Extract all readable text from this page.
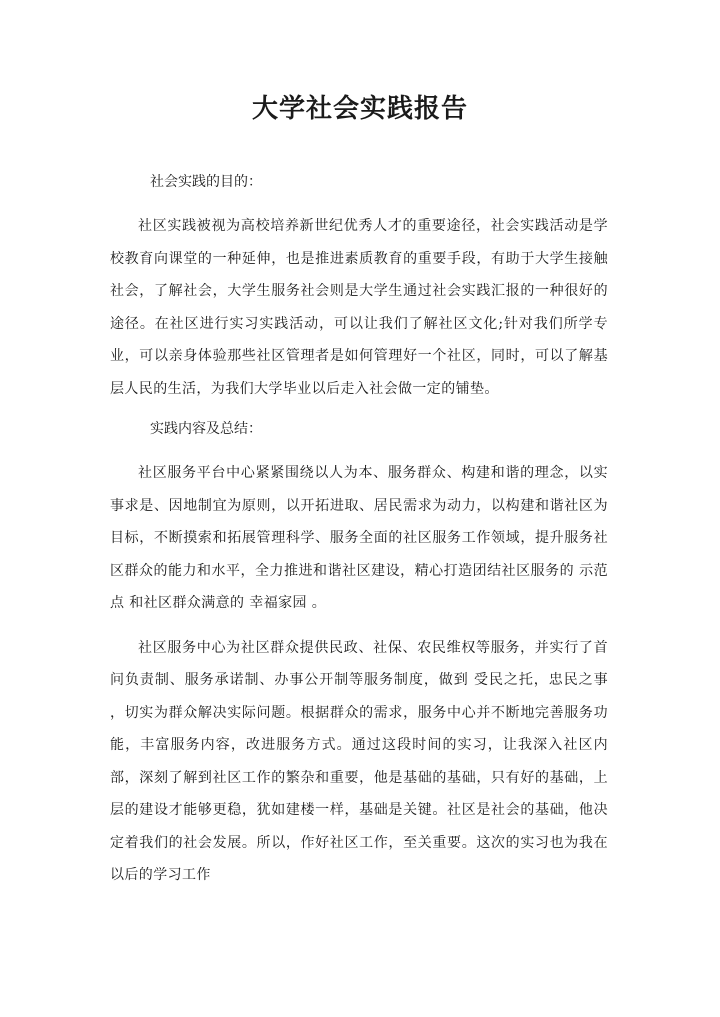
大学社会实践报告

社会实践的目的：

社区实践被视为高校培养新世纪优秀人才的重要途径，社会实践活动是学校教育向课堂的一种延伸，也是推进素质教育的重要手段，有助于大学生接触社会，了解社会，大学生服务社会则是大学生通过社会实践汇报的一种很好的途径。在社区进行实习实践活动，可以让我们了解社区文化;针对我们所学专业，可以亲身体验那些社区管理者是如何管理好一个社区，同时，可以了解基层人民的生活，为我们大学毕业以后走入社会做一定的铺垫。

实践内容及总结：

社区服务平台中心紧紧围绕以人为本、服务群众、构建和谐的理念，以实事求是、因地制宜为原则，以开拓进取、居民需求为动力，以构建和谐社区为目标，不断摸索和拓展管理科学、服务全面的社区服务工作领域，提升服务社区群众的能力和水平，全力推进和谐社区建设，精心打造团结社区服务的 示范点 和社区群众满意的 幸福家园 。

社区服务中心为社区群众提供民政、社保、农民维权等服务，并实行了首问负责制、服务承诺制、办事公开制等服务制度，做到 受民之托，忠民之事 ，切实为群众解决实际问题。根据群众的需求，服务中心并不断地完善服务功能，丰富服务内容，改进服务方式。通过这段时间的实习，让我深入社区内部，深刻了解到社区工作的繁杂和重要，他是基础的基础，只有好的基础，上层的建设才能够更稳，犹如建楼一样，基础是关键。社区是社会的基础，他决定着我们的社会发展。所以，作好社区工作，至关重要。这次的实习也为我在以后的学习工作
